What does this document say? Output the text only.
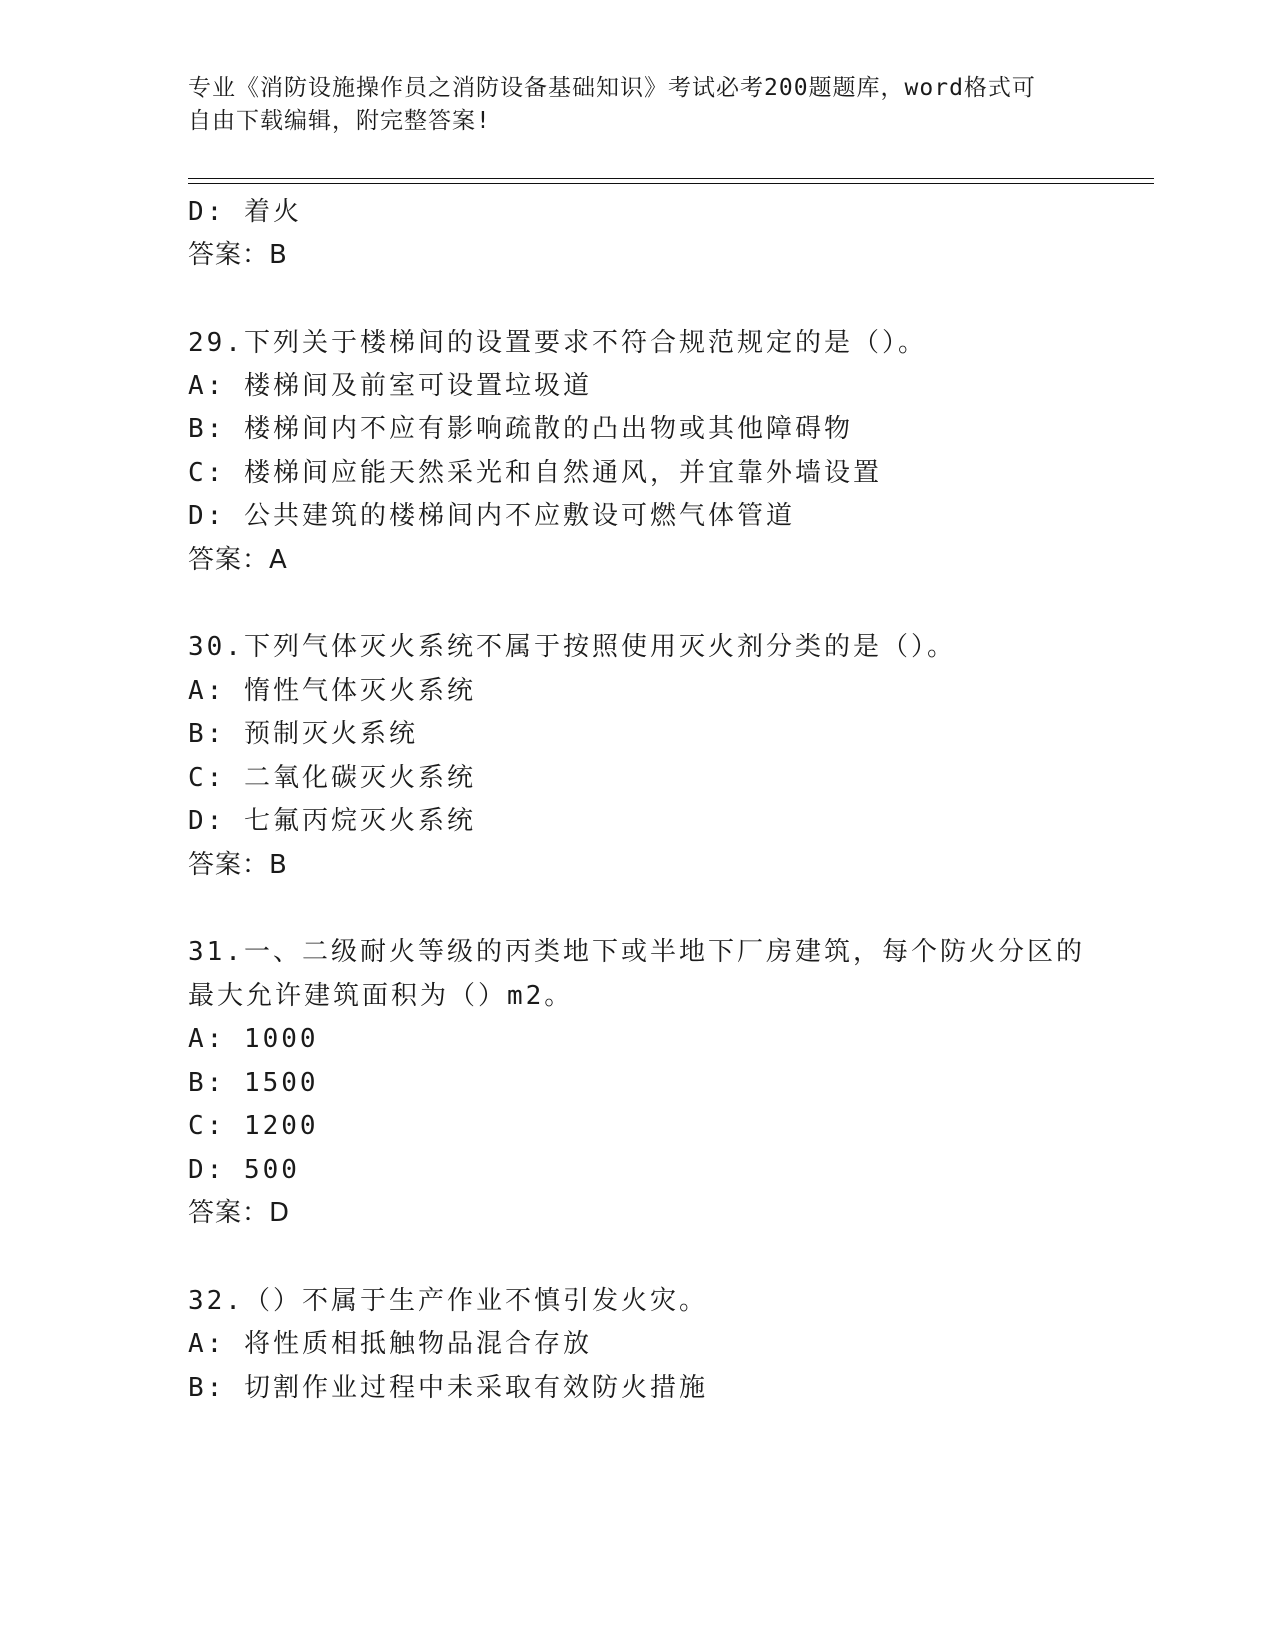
专业《消防设施操作员之消防设备基础知识》考试必考200题题库，word格式可
自由下载编辑，附完整答案!
D: 着火
答案：B
29.下列关于楼梯间的设置要求不符合规范规定的是（）。
A: 楼梯间及前室可设置垃圾道
B: 楼梯间内不应有影响疏散的凸出物或其他障碍物
C: 楼梯间应能天然采光和自然通风，并宜靠外墙设置
D: 公共建筑的楼梯间内不应敷设可燃气体管道
答案：A
30.下列气体灭火系统不属于按照使用灭火剂分类的是（）。
A: 惰性气体灭火系统
B: 预制灭火系统
C: 二氧化碳灭火系统
D: 七氟丙烷灭火系统
答案：B
31.一、二级耐火等级的丙类地下或半地下厂房建筑，每个防火分区的
最大允许建筑面积为（）m2。
A: 1000
B: 1500
C: 1200
D: 500
答案：D
32.（）不属于生产作业不慎引发火灾。
A: 将性质相抵触物品混合存放
B: 切割作业过程中未采取有效防火措施
